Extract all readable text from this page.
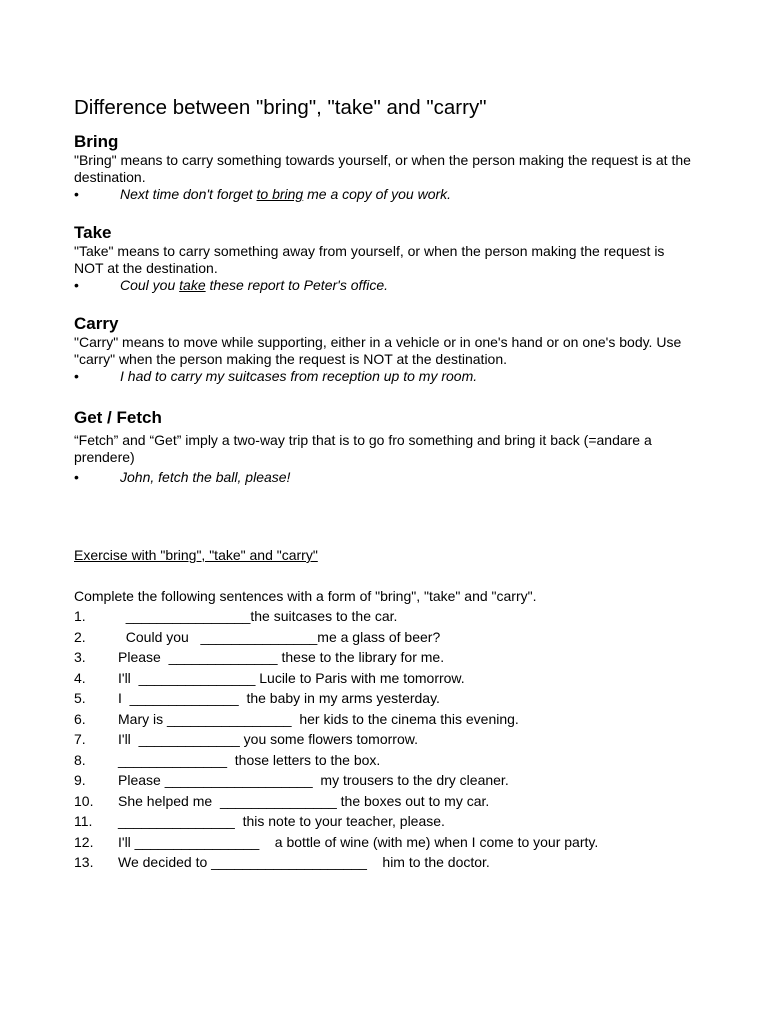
Difference between "bring", "take" and "carry"
Bring

"Bring" means to carry something towards yourself, or when the person making the request is at the destination.

•	Next time don't forget to bring me a copy of you work.
Take

"Take" means to carry something away from yourself, or when the person making the request is NOT at the destination.

•	Coul you take these report to Peter's office.
Carry

"Carry" means to move while supporting, either in a vehicle or in one's hand or on one's body. Use "carry" when the person making the request is NOT at the destination.

•	I had to carry my suitcases from reception up to my room.
Get / Fetch

“Fetch” and “Get” imply a two-way trip that is to go fro something and bring it back (=andare a prendere)

•	John, fetch the ball, please!

Exercise with "bring", "take" and "carry"

Complete the following sentences with a form of "bring", "take" and "carry".

1. ________________the suitcases to the car.
2. Could you   _______________me a glass of beer?
3. Please  ______________ these to the library for me.
4. I'll  _______________ Lucile to Paris with me tomorrow.
5. I  ______________  the baby in my arms yesterday.
6. Mary is ________________  her kids to the cinema this evening.
7. I'll  _____________ you some flowers tomorrow.
8. ______________  those letters to the box.
9. Please ___________________  my trousers to the dry cleaner.
10. She helped me  _______________ the boxes out to my car.
11. _______________  this note to your teacher, please.
12. I'll ________________    a bottle of wine (with me) when I come to your party.
13. We decided to ____________________    him to the doctor.
